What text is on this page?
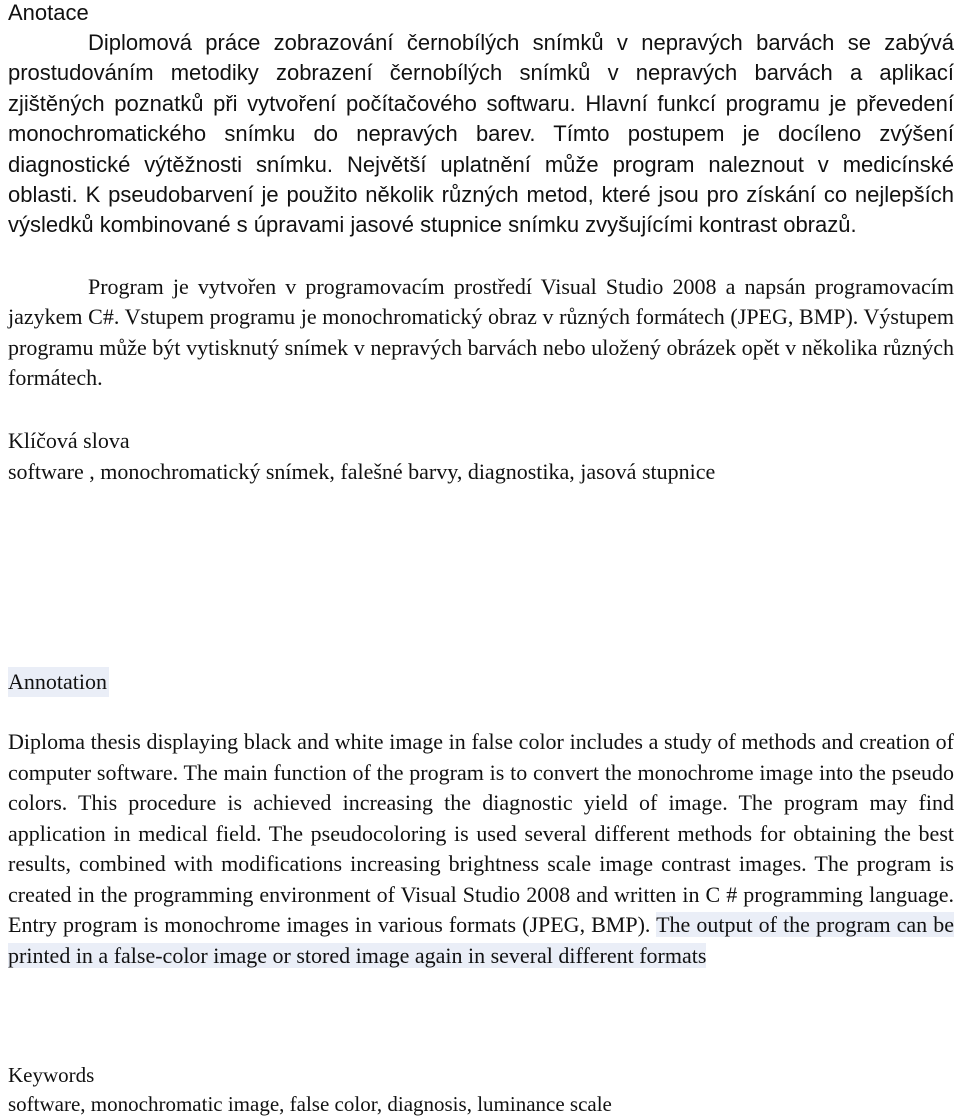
Anotace
Diplomová práce zobrazování černobílých snímků v nepravých barvách se zabývá prostudováním metodiky zobrazení černobílých snímků v nepravých barvách a aplikací zjištěných poznatků při vytvoření počítačového softwaru. Hlavní funkcí programu je převedení monochromatického snímku do nepravých barev. Tímto postupem je docíleno zvýšení diagnostické výtěžnosti snímku. Největší uplatnění může program naleznout v medicínské oblasti. K pseudobarvení je použito několik různých metod, které jsou pro získání co nejlepších výsledků kombinované s úpravami jasové stupnice snímku zvyšujícími kontrast obrazů.
Program je vytvořen v programovacím prostředí Visual Studio 2008 a napsán programovacím jazykem C#. Vstupem programu je monochromatický obraz v různých formátech (JPEG, BMP). Výstupem programu může být vytisknutý snímek v nepravých barvách nebo uložený obrázek opět v několika různých formátech.
Klíčová slova
software , monochromatický snímek, falešné barvy, diagnostika, jasová stupnice
Annotation
Diploma thesis displaying black and white image in false color includes a study of methods and creation of computer software. The main function of the program is to convert the monochrome image into the pseudo colors. This procedure is achieved increasing the diagnostic yield of image. The program may find application in medical field. The pseudocoloring is used several different methods for obtaining the best results, combined with modifications increasing brightness scale image contrast images. The program is created in the programming environment of Visual Studio 2008 and written in C # programming language. Entry program is monochrome images in various formats (JPEG, BMP). The output of the program can be printed in a false-color image or stored image again in several different formats
Keywords
software, monochromatic image, false color, diagnosis, luminance scale
